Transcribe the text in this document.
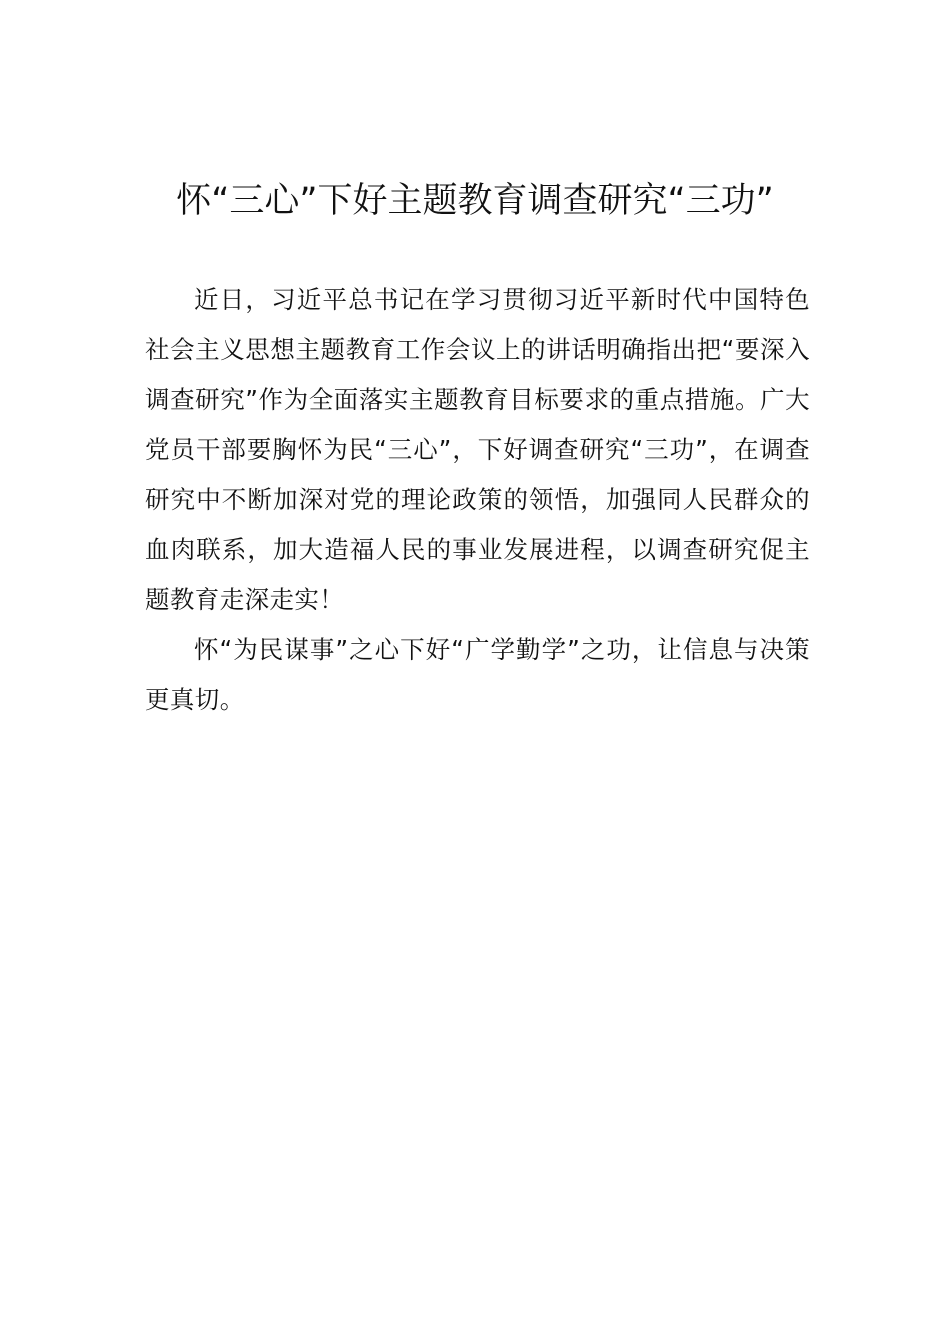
怀“三心”下好主题教育调查研究“三功”

近日，习近平总书记在学习贯彻习近平新时代中国特色社会主义思想主题教育工作会议上的讲话明确指出把“要深入调查研究”作为全面落实主题教育目标要求的重点措施。广大党员干部要胸怀为民“三心”，下好调查研究“三功”，在调查研究中不断加深对党的理论政策的领悟，加强同人民群众的血肉联系，加大造福人民的事业发展进程，以调查研究促主题教育走深走实！

怀“为民谋事”之心下好“广学勤学”之功，让信息与决策更真切。
